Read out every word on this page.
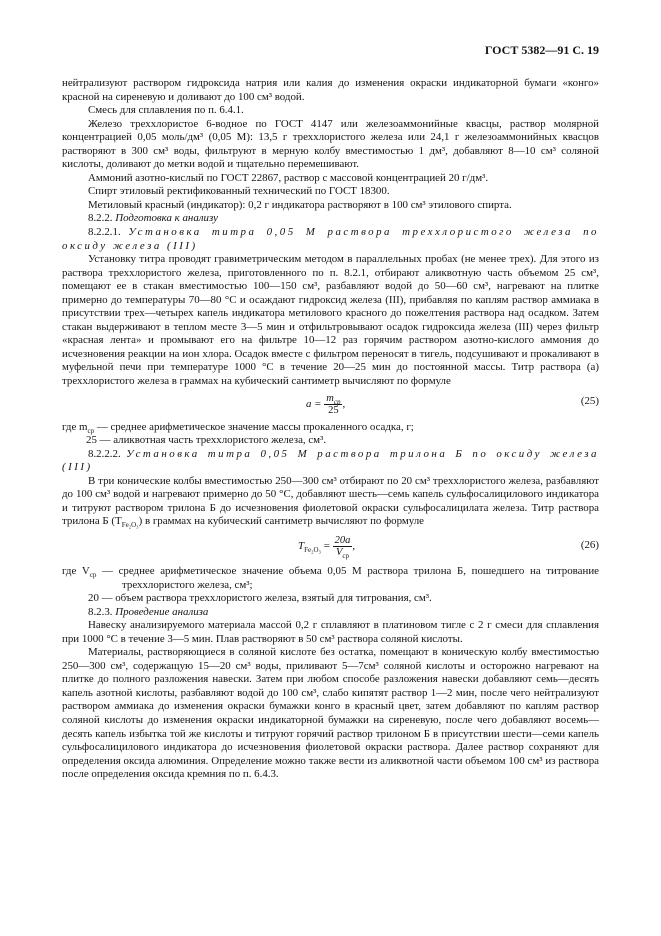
ГОСТ 5382—91 С. 19

нейтрализуют раствором гидроксида натрия или калия до изменения окраски индикаторной бумаги «конго» красной на сиреневую и доливают до 100 см³ водой.

Смесь для сплавления по п. 6.4.1.

Железо треххлористое 6-водное по ГОСТ 4147 или железоаммонийные квасцы, раствор молярной концентрацией 0,05 моль/дм³ (0,05 М): 13,5 г треххлористого железа или 24,1 г железоаммонийных квасцов растворяют в 300 см³ воды, фильтруют в мерную колбу вместимостью 1 дм³, добавляют 8—10 см³ соляной кислоты, доливают до метки водой и тщательно перемешивают.

Аммоний азотно-кислый по ГОСТ 22867, раствор с массовой концентрацией 20 г/дм³.

Спирт этиловый ректификованный технический по ГОСТ 18300.

Метиловый красный (индикатор): 0,2 г индикатора растворяют в 100 см³ этилового спирта.

8.2.2. Подготовка к анализу

8.2.2.1. Установка титра 0,05 М раствора треххлористого железа по оксиду железа (III)

Установку титра проводят гравиметрическим методом в параллельных пробах (не менее трех). Для этого из раствора треххлористого железа, приготовленного по п. 8.2.1, отбирают аликвотную часть объемом 25 см³, помещают ее в стакан вместимостью 100—150 см³, разбавляют водой до 50—60 см³, нагревают на плитке примерно до температуры 70—80 °С и осаждают гидроксид железа (III), прибавляя по каплям раствор аммиака в присутствии трех—четырех капель индикатора метилового красного до пожелтения раствора над осадком. Затем стакан выдерживают в теплом месте 3—5 мин и отфильтровывают осадок гидроксида железа (III) через фильтр «красная лента» и промывают его на фильтре 10—12 раз горячим раствором азотно-кислого аммония до исчезновения реакции на ион хлора. Осадок вместе с фильтром переносят в тигель, подсушивают и прокаливают в муфельной печи при температуре 1000 °С в течение 20—25 мин до постоянной массы. Титр раствора (а) треххлористого железа в граммах на кубический сантиметр вычисляют по формуле

$a = \frac{m_{ср}}{25}$ ,	(25)

где $m_{ср}$ — среднее арифметическое значение массы прокаленного осадка, г;

25 — аликвотная часть треххлористого железа, см³.

8.2.2.2. Установка титра 0,05 М раствора трилона Б по оксиду железа (III)

В три конические колбы вместимостью 250—300 см³ отбирают по 20 см³ треххлористого железа, разбавляют до 100 см³ водой и нагревают примерно до 50 °С, добавляют шесть—семь капель сульфосалицилового индикатора и титруют раствором трилона Б до исчезновения фиолетовой окраски сульфосалицилата железа. Титр раствора трилона Б $(T_{Fe_2O_3})$ в граммах на кубический сантиметр вычисляют по формуле

$T_{Fe_2O_3} = \frac{20a}{V_{ср}}$ ,	(26)

где $V_{ср}$ — среднее арифметическое значение объема 0,05 М раствора трилона Б, пошедшего на титрование треххлористого железа, см³;

20 — объем раствора треххлористого железа, взятый для титрования, см³.

8.2.3. Проведение анализа

Навеску анализируемого материала массой 0,2 г сплавляют в платиновом тигле с 2 г смеси для сплавления при 1000 °С в течение 3—5 мин. Плав растворяют в 50 см³ раствора соляной кислоты.

Материалы, растворяющиеся в соляной кислоте без остатка, помещают в коническую колбу вместимостью 250—300 см³, содержащую 15—20 см³ воды, приливают 5—7см³ соляной кислоты и осторожно нагревают на плитке до полного разложения навески. Затем при любом способе разложения навески добавляют семь—десять капель азотной кислоты, разбавляют водой до 100 см³, слабо кипятят раствор 1—2 мин, после чего нейтрализуют раствором аммиака до изменения окраски бумажки конго в красный цвет, затем добавляют по каплям раствор соляной кислоты до изменения окраски индикаторной бумажки на сиреневую, после чего добавляют восемь—десять капель избытка той же кислоты и титруют горячий раствор трилоном Б в присутствии шести—семи капель сульфосалицилового индикатора до исчезновения фиолетовой окраски раствора. Далее раствор сохраняют для определения оксида алюминия. Определение можно также вести из аликвотной части объемом 100 см³ из раствора после определения оксида кремния по п. 6.4.3.
